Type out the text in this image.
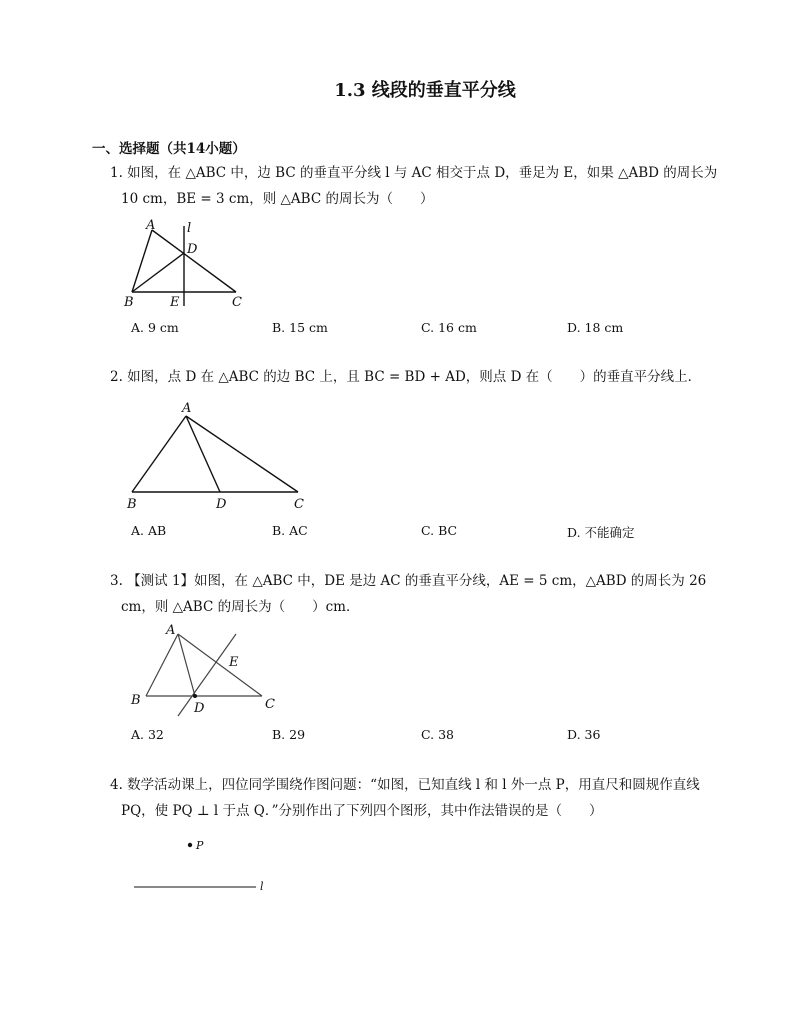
1.3 线段的垂直平分线
一、选择题（共14小题）
1. 如图，在 △ABC 中，边 BC 的垂直平分线 l 与 AC 相交于点 D，垂足为 E，如果 △ABD 的周长为
10 cm，BE = 3 cm，则 △ABC 的周长为（　　）
A l
D
B	E	C
A. 9 cm	B. 15 cm	C. 16 cm	D. 18 cm
2. 如图，点 D 在 △ABC 的边 BC 上，且 BC = BD + AD，则点 D 在（　　）的垂直平分线上．
A
B	D	C
A. AB	B. AC	C. BC	D. 不能确定
3. 【测试 1】如图，在 △ABC 中，DE 是边 AC 的垂直平分线，AE = 5 cm，△ABD 的周长为 26
cm，则 △ABC 的周长为（　　）cm．
A
E
B
D	C
A. 32	B. 29	C. 38	D. 36
4. 数学活动课上，四位同学围绕作图问题：“如图，已知直线 l 和 l 外一点 P，用直尺和圆规作直线
PQ，使 PQ ⊥ l 于点 Q．”分别作出了下列四个图形，其中作法错误的是（　　）
P
l
